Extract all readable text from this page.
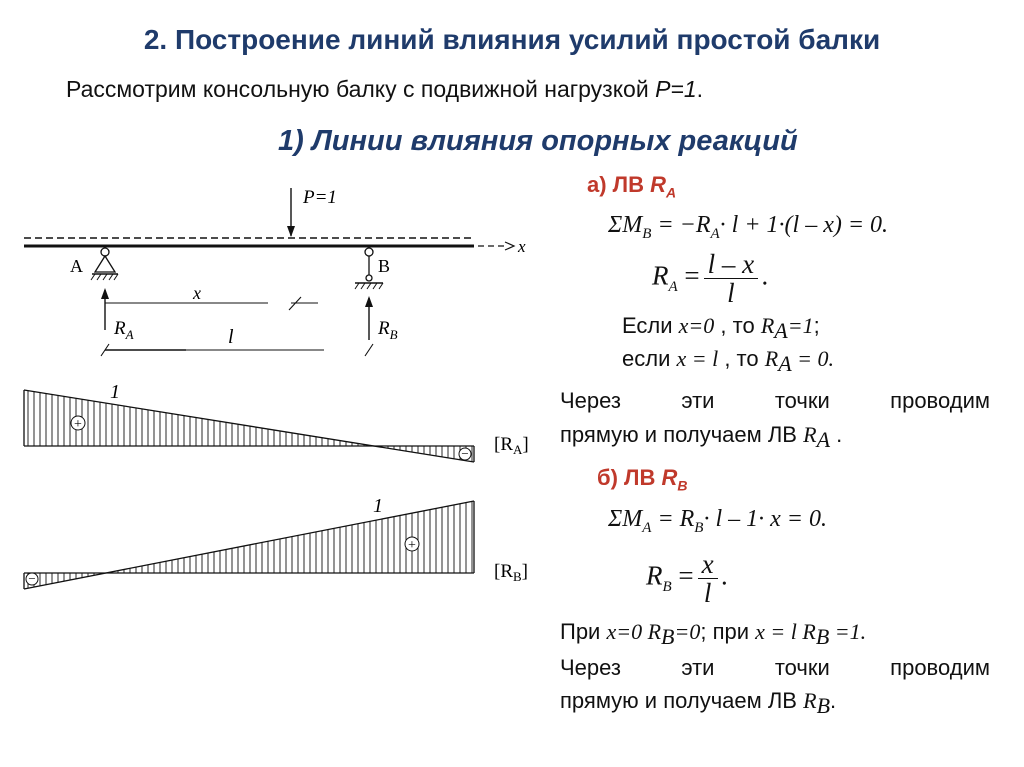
2. Построение линий влияния усилий простой балки
Рассмотрим консольную балку с подвижной нагрузкой P=1.
1) Линии влияния опорных реакций
а) ЛВ $R_A$
$\Sigma M_B = -R_A\cdot l + 1\cdot(l - x) = 0$.
$R_A = \frac{l - x}{l}$ .
Если x=0 , то $R_A=1$;
если x = l , то $R_A = 0$.
Через эти точки проводим
прямую и получаем ЛВ $R_A$ .
б) ЛВ $R_B$
$\Sigma M_A = R_B\cdot l - 1\cdot x = 0$.
$R_B = \frac{x}{l}$ .
При x=0 $R_B=0$; при x = l $R_B =1$.
Через эти точки проводим
прямую и получаем ЛВ $R_B$.
x
P=1
A	B
$R_A$	$R_B$
x
l
+
−
1
$[R_A]$
+
−
1
$[R_B]$
